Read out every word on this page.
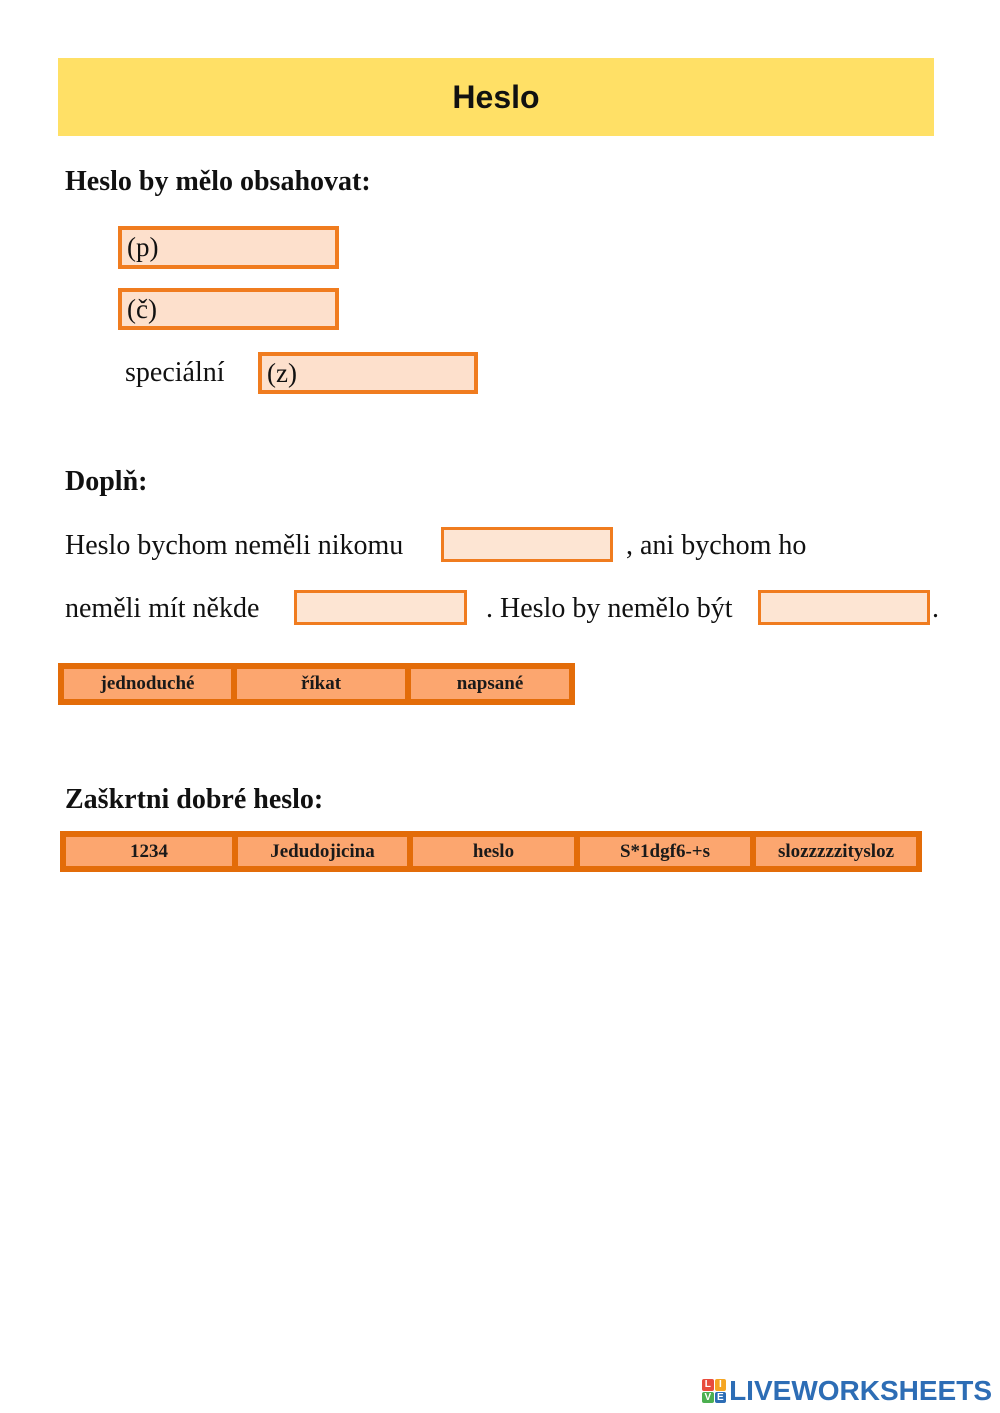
Heslo
Heslo by mělo obsahovat:
(p)
(č)
speciální (z)
Doplň:
Heslo bychom neměli nikomu	, ani bychom ho
neměli mít někde	. Heslo by nemělo být	.
jednoduché	říkat	napsané
Zaškrtni dobré heslo:
1234	Jedudojicina	heslo	S*1dgf6-+s	slozzzzzitysloz
L I
V E LIVEWORKSHEETS
